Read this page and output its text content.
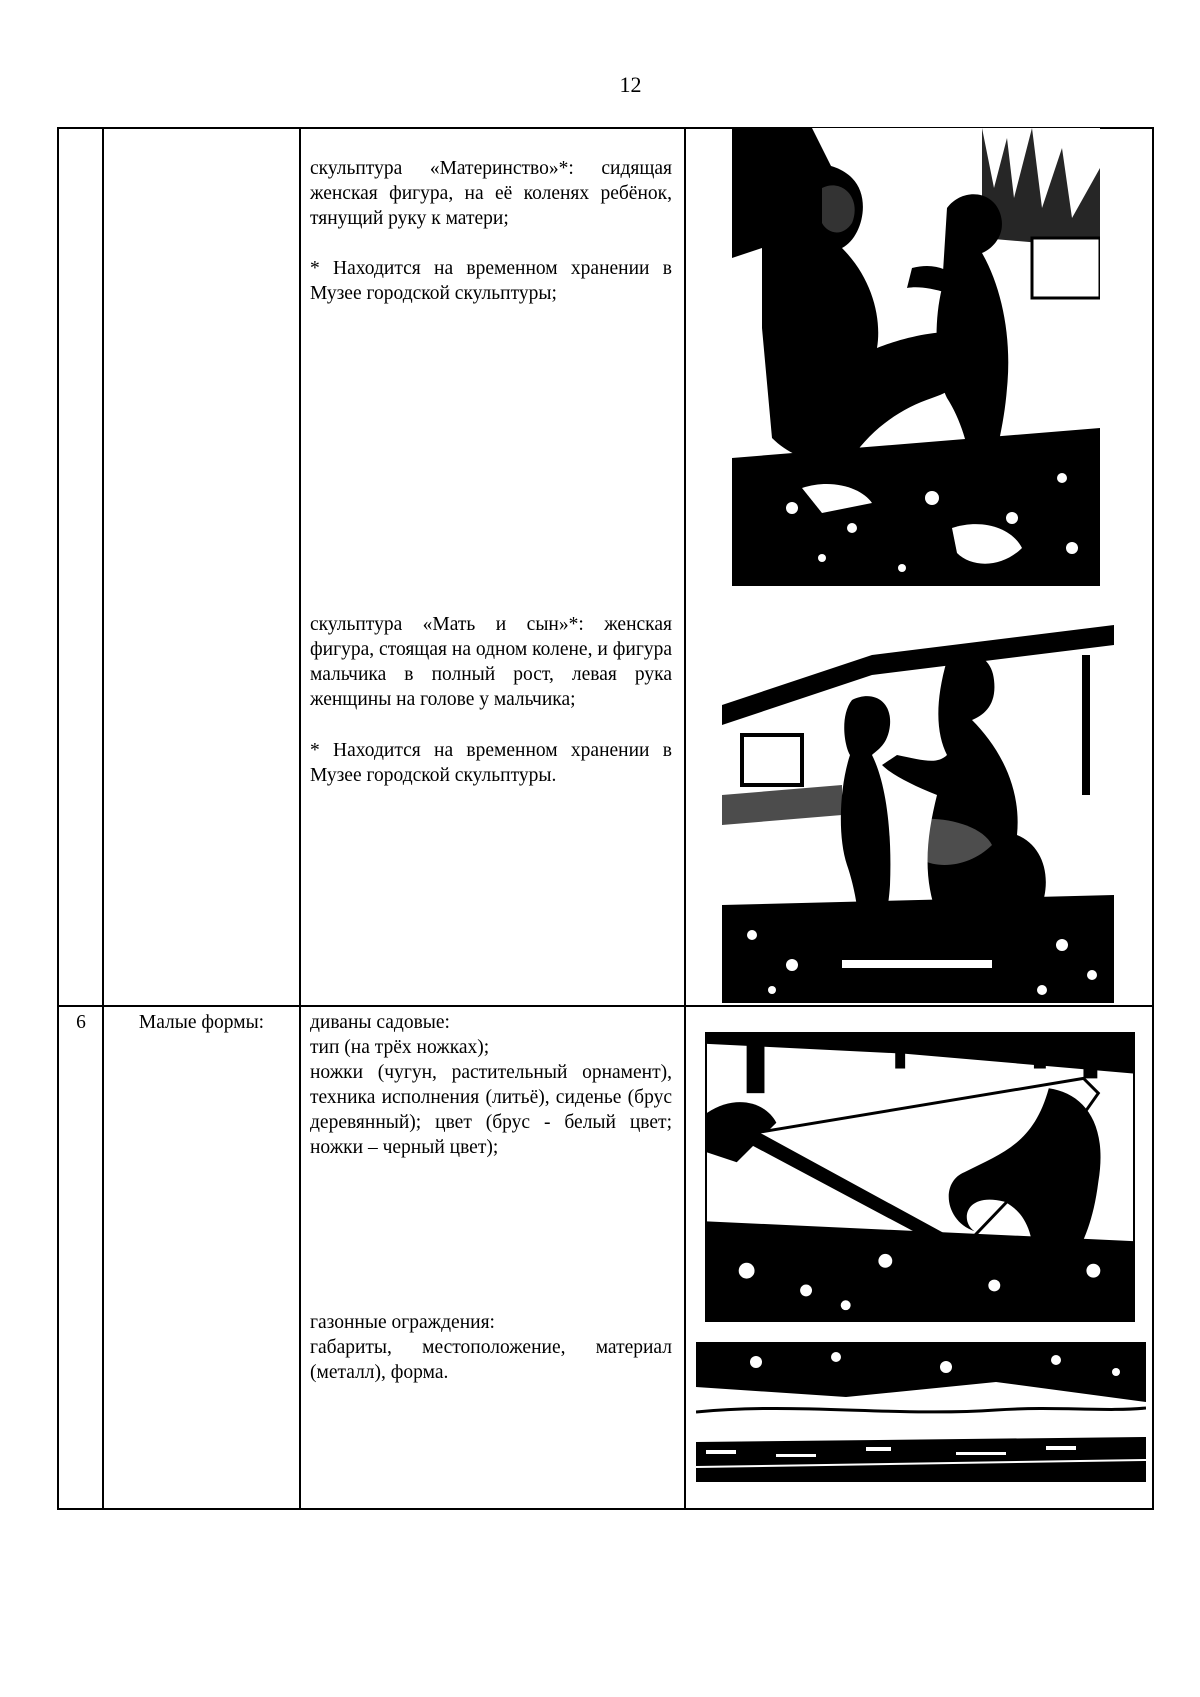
12
скульптура «Материнство»*: сидящая женская фигура, на её коленях ребёнок, тянущий руку к матери;
* Находится на временном хранении в Музее городской скульптуры;
скульптура «Мать и сын»*: женская фигура, стоящая на одном колене, и фигура мальчика в полный рост, левая рука женщины на голове у мальчика;
* Находится на временном хранении в Музее городской скульптуры.
6	Малые формы:	диваны садовые:
тип (на трёх ножках);
ножки (чугун, растительный орнамент), техника исполнения (литьё), сиденье (брус деревянный); цвет (брус - белый цвет; ножки – черный цвет);
газонные ограждения:
габариты, местоположение, материал (металл), форма.
